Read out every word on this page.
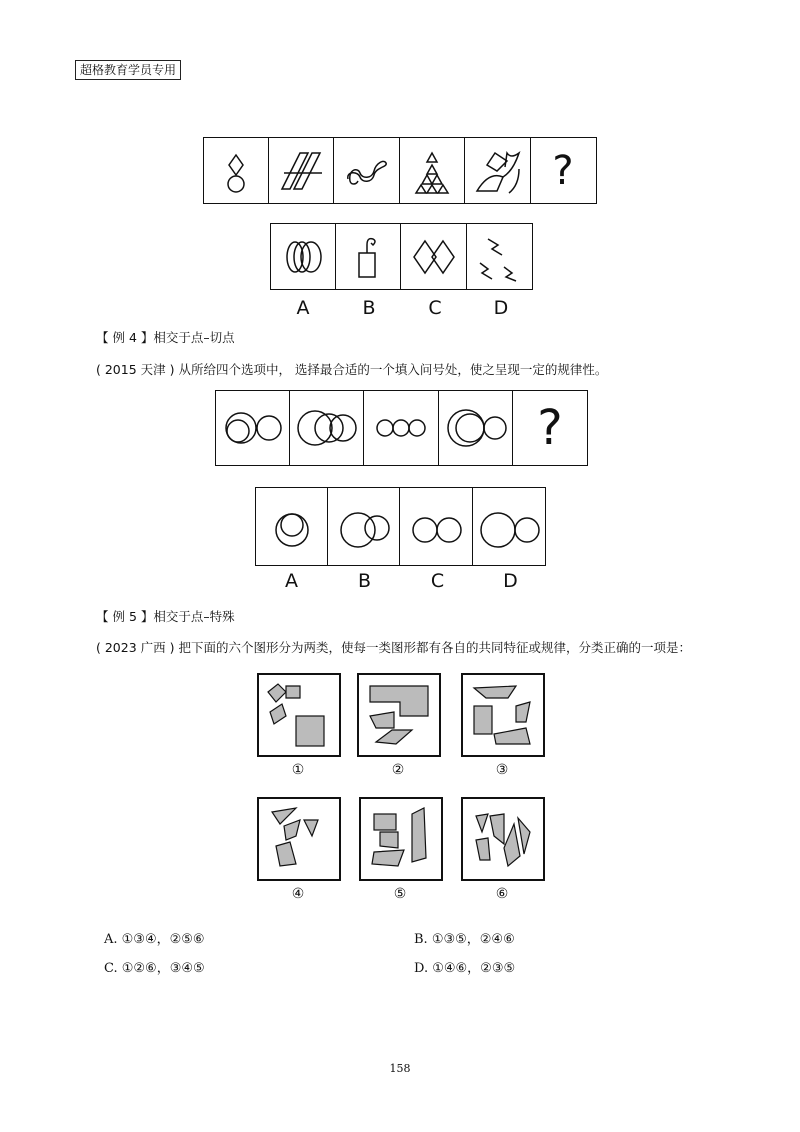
超格教育学员专用
?
A	B	C	D
【 例 4 】相交于点–切点
( 2015 天津 ) 从所给四个选项中， 选择最合适的一个填入问号处，使之呈现一定的规律性。
?
A	B	C	D
【 例 5 】相交于点–特殊
( 2023 广西 ) 把下面的六个图形分为两类，使每一类图形都有各自的共同特征或规律，分类正确的一项是：
①	②	③
④	⑤	⑥
A. ①③④，②⑤⑥	B. ①③⑤，②④⑥
C. ①②⑥，③④⑤	D. ①④⑥，②③⑤
158
